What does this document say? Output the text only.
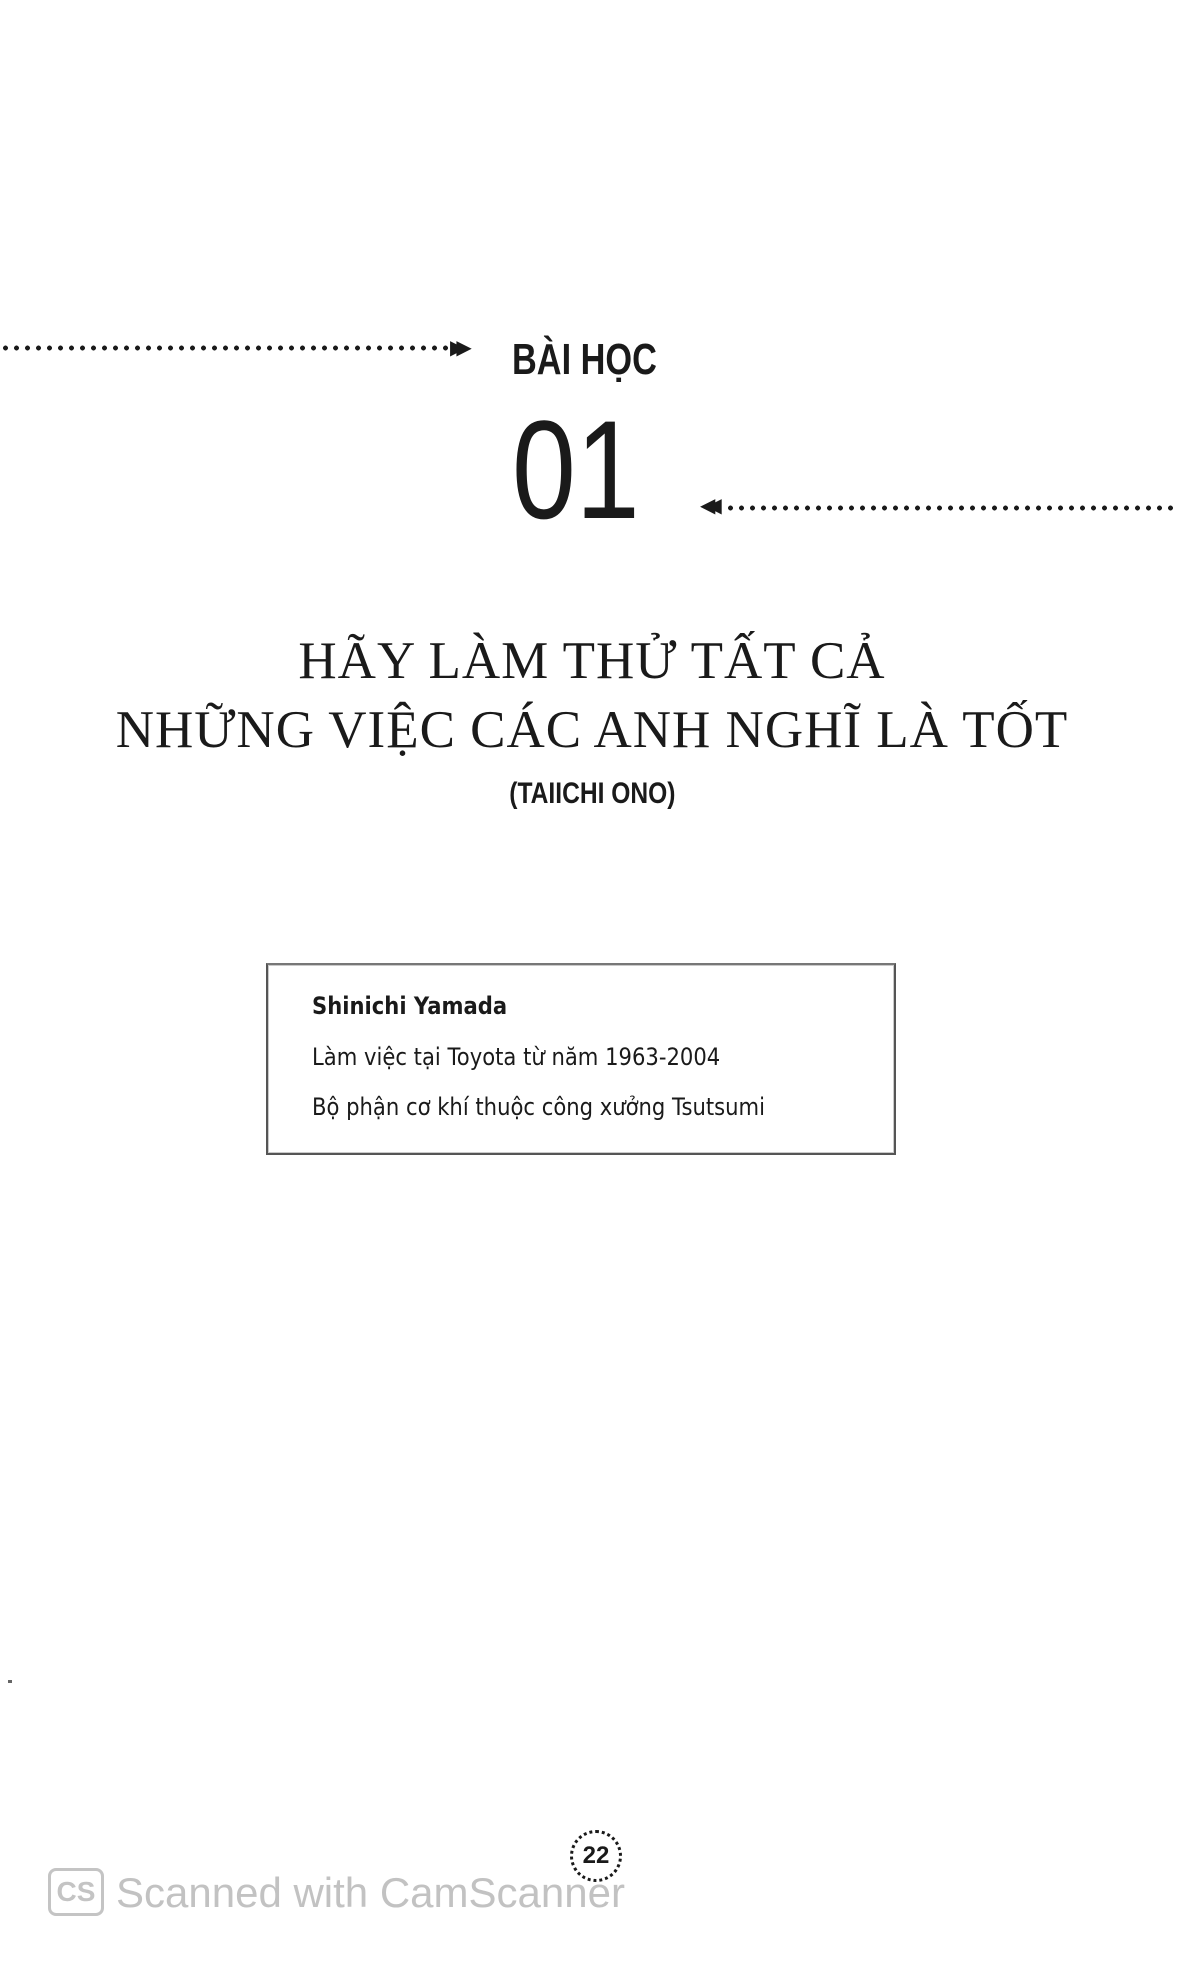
▶▶ BÀI HỌC
01	◀◀
HÃY LÀM THỬ TẤT CẢ
NHỮNG VIỆC CÁC ANH NGHĨ LÀ TỐT
(TAIICHI ONO)
Shinichi Yamada
Làm việc tại Toyota từ năm 1963-2004
Bộ phận cơ khí thuộc công xưởng Tsutsumi
22
CS Scanned with CamScanner
